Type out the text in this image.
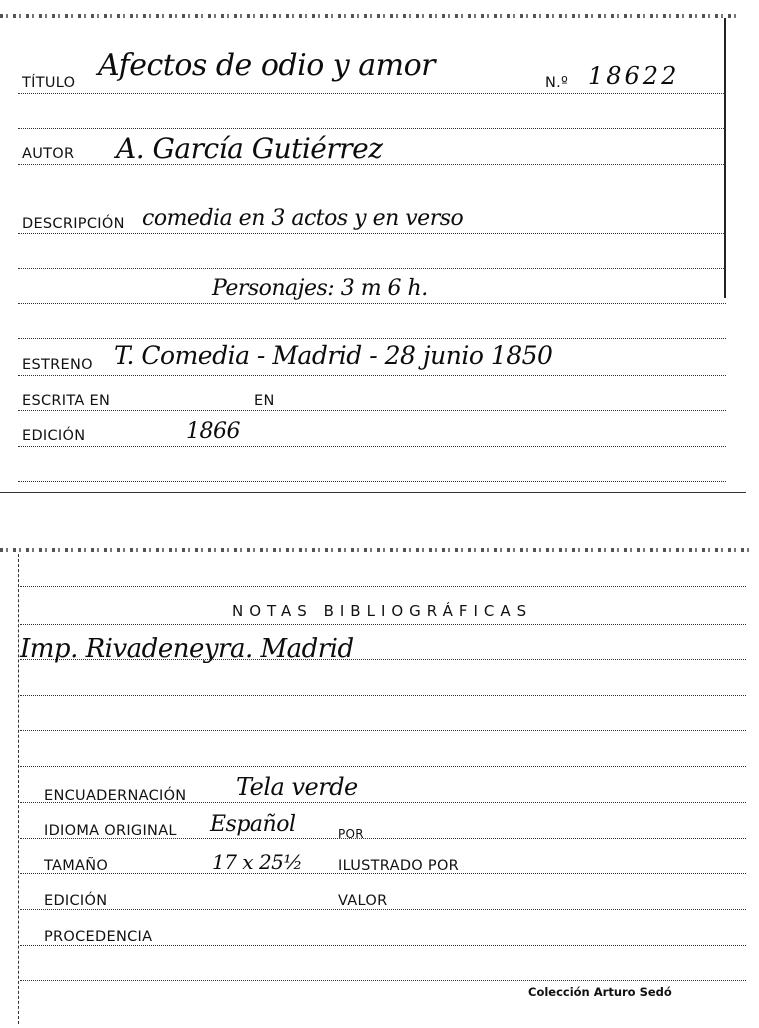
TÍTULO Afectos de odio y amor	N.º 18622
AUTOR A. García Gutiérrez
DESCRIPCIÓN comedia en 3 actos y en verso
Personajes: 3 m 6 h.
ESTRENO T. Comedia - Madrid - 28 junio 1850
ESCRITA EN	EN
EDICIÓN	1866
NOTAS BIBLIOGRÁFICAS
Imp. Rivadeneyra. Madrid
ENCUADERNACIÓN Tela verde
IDIOMA ORIGINAL Español	POR
TAMAÑO	17 x 25½ ILUSTRADO POR
EDICIÓN	VALOR
PROCEDENCIA
Colección Arturo Sedó
